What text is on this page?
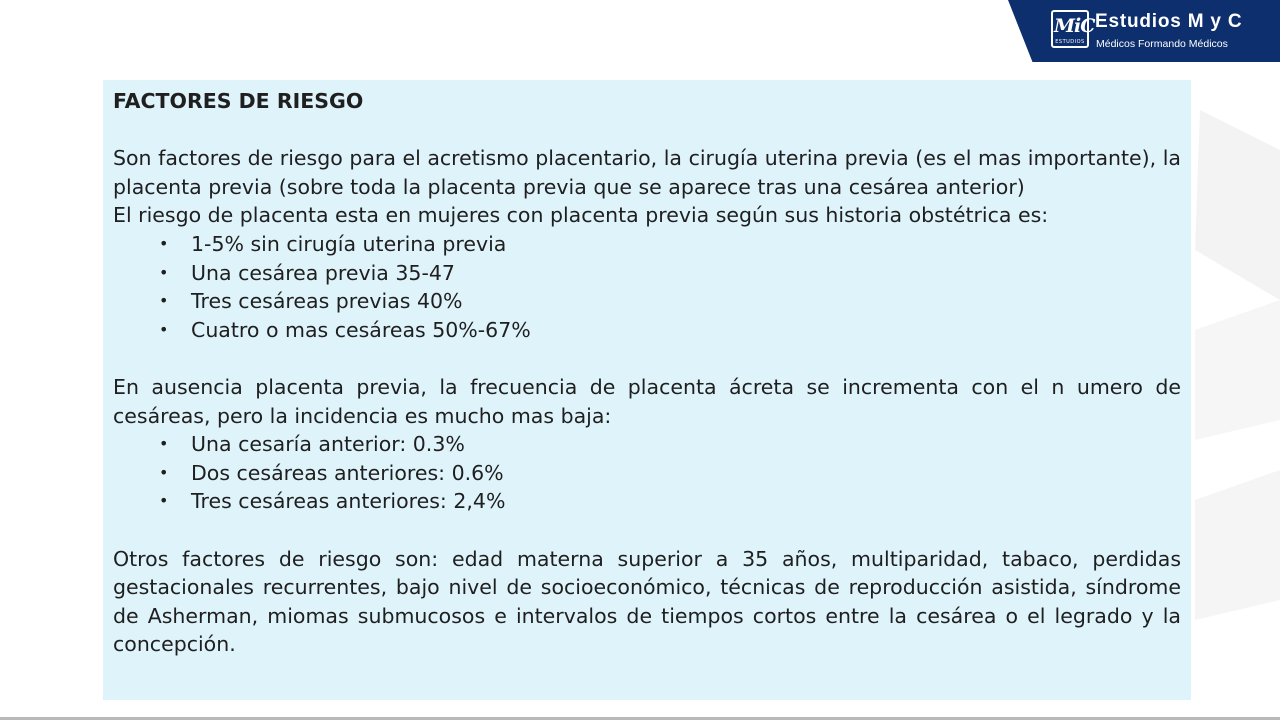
MiC
ESTUDIOS
Estudios M y C
Médicos Formando Médicos
FACTORES DE RIESGO

Son factores de riesgo para el acretismo placentario, la cirugía uterina previa (es el mas importante), la placenta previa (sobre toda la placenta previa que se aparece tras una cesárea anterior)

El riesgo de placenta esta en mujeres con placenta previa según sus historia obstétrica es:

• 1-5% sin cirugía uterina previa
• Una cesárea previa 35-47
• Tres cesáreas previas 40%
• Cuatro o mas cesáreas 50%-67%

En ausencia placenta previa, la frecuencia de placenta ácreta se incrementa con el n umero de cesáreas, pero la incidencia es mucho mas baja:

• Una cesaría anterior: 0.3%
• Dos cesáreas anteriores: 0.6%
• Tres cesáreas anteriores: 2,4%

Otros factores de riesgo son: edad materna superior a 35 años, multiparidad, tabaco, perdidas gestacionales recurrentes, bajo nivel de socioeconómico, técnicas de reproducción asistida, síndrome de Asherman, miomas submucosos e intervalos de tiempos cortos entre la cesárea o el legrado y la concepción.
